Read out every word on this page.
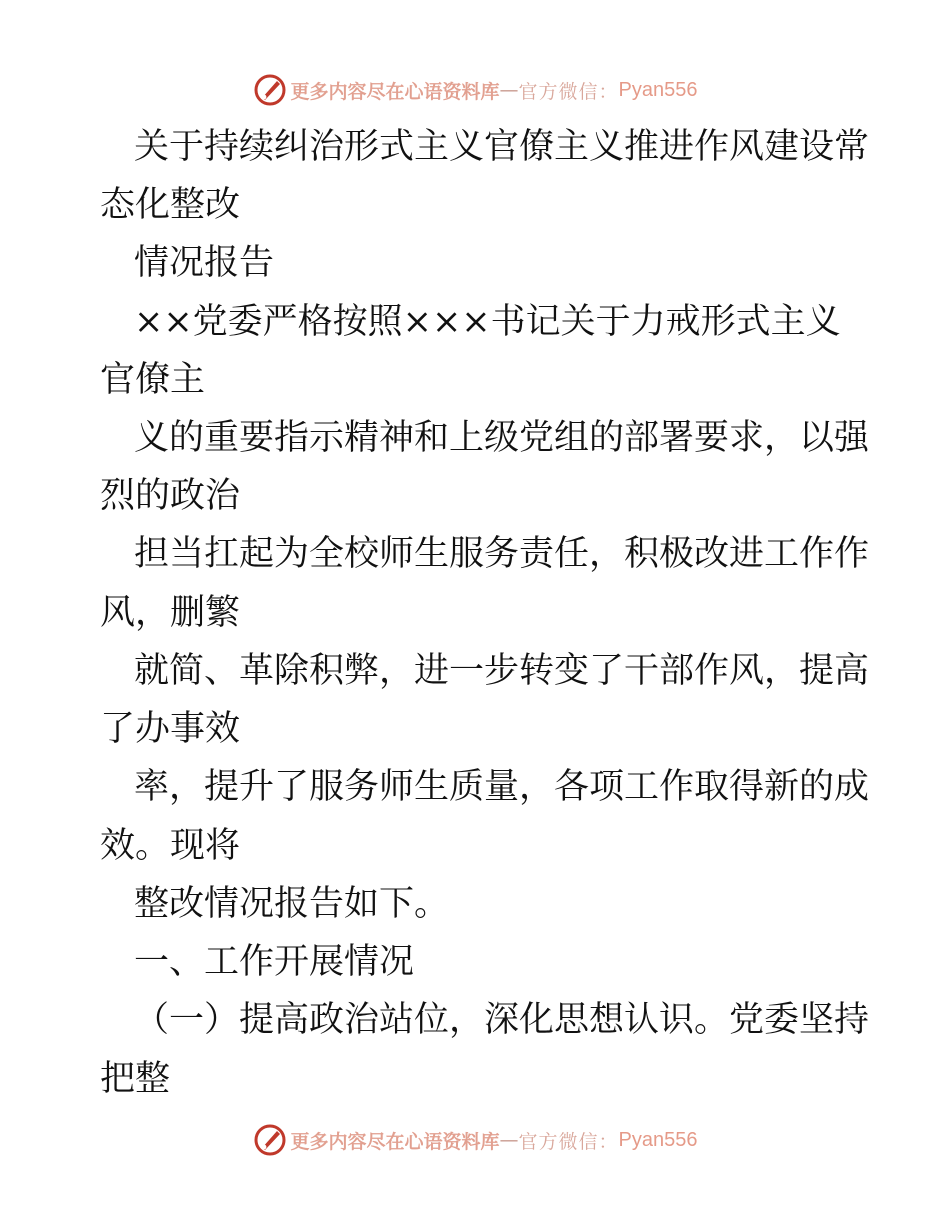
更多内容尽在心语资料库 — 官方微信： Pyan556
关于持续纠治形式主义官僚主义推进作风建设常
态化整改
情况报告
××党委严格按照×××书记关于力戒形式主义
官僚主
义的重要指示精神和上级党组的部署要求，以强
烈的政治
担当扛起为全校师生服务责任，积极改进工作作
风，删繁
就简、革除积弊，进一步转变了干部作风，提高
了办事效
率，提升了服务师生质量，各项工作取得新的成
效。现将
整改情况报告如下。
一、工作开展情况
（一）提高政治站位，深化思想认识。党委坚持
把整
更多内容尽在心语资料库 — 官方微信： Pyan556
